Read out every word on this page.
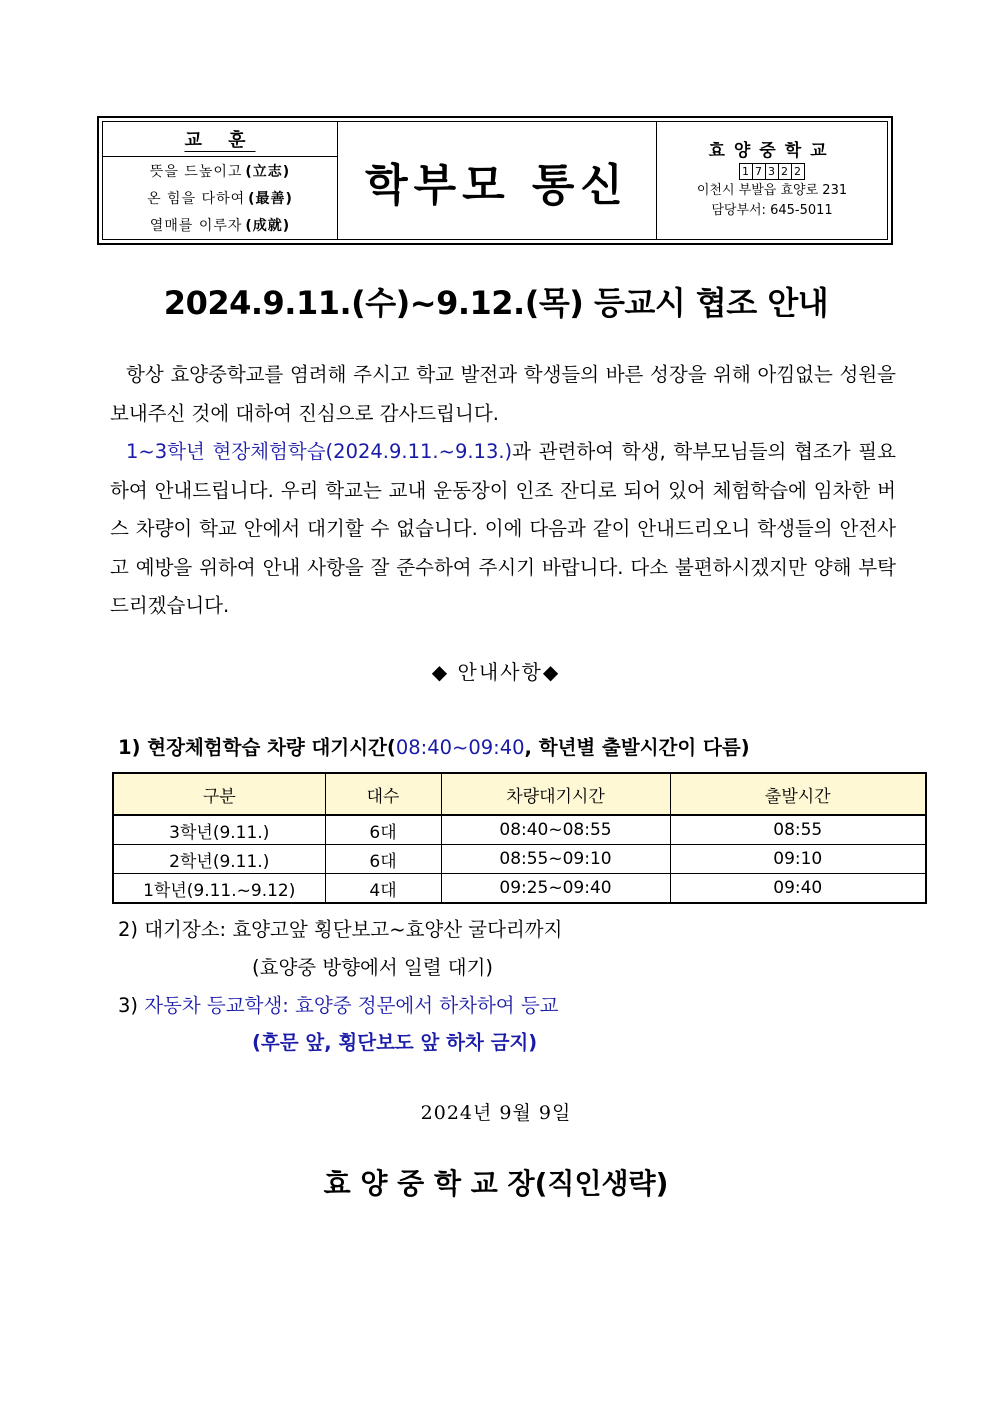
교 훈
뜻을 드높이고 (立志)
온 힘을 다하여 (最善)
열매를 이루자 (成就)
학부모 통신
효양중학교
1 7 3 2 2
이천시 부발읍 효양로 231
담당부서: 645-5011
2024.9.11.(수)~9.12.(목) 등교시 협조 안내
항상 효양중학교를 염려해 주시고 학교 발전과 학생들의 바른 성장을 위해 아낌없는 성원을 보내주신 것에 대하여 진심으로 감사드립니다.
1~3학년 현장체험학습(2024.9.11.~9.13.)과 관련하여 학생, 학부모님들의 협조가 필요하여 안내드립니다. 우리 학교는 교내 운동장이 인조 잔디로 되어 있어 체험학습에 임차한 버스 차량이 학교 안에서 대기할 수 없습니다. 이에 다음과 같이 안내드리오니 학생들의 안전사고 예방을 위하여 안내 사항을 잘 준수하여 주시기 바랍니다. 다소 불편하시겠지만 양해 부탁드리겠습니다.
◆ 안내사항◆
1) 현장체험학습 차량 대기시간(08:40~09:40, 학년별 출발시간이 다름)
구분	대수	차량대기시간	출발시간
3학년(9.11.)	6대	08:40~08:55	08:55
2학년(9.11.)	6대	08:55~09:10	09:10
1학년(9.11.~9.12)	4대	09:25~09:40	09:40
2) 대기장소: 효양고앞 횡단보고~효양산 굴다리까지
(효양중 방향에서 일렬 대기)
3) 자동차 등교학생: 효양중 정문에서 하차하여 등교
(후문 앞, 횡단보도 앞 하차 금지)
2024년 9월 9일
효 양 중 학 교 장(직인생략)
